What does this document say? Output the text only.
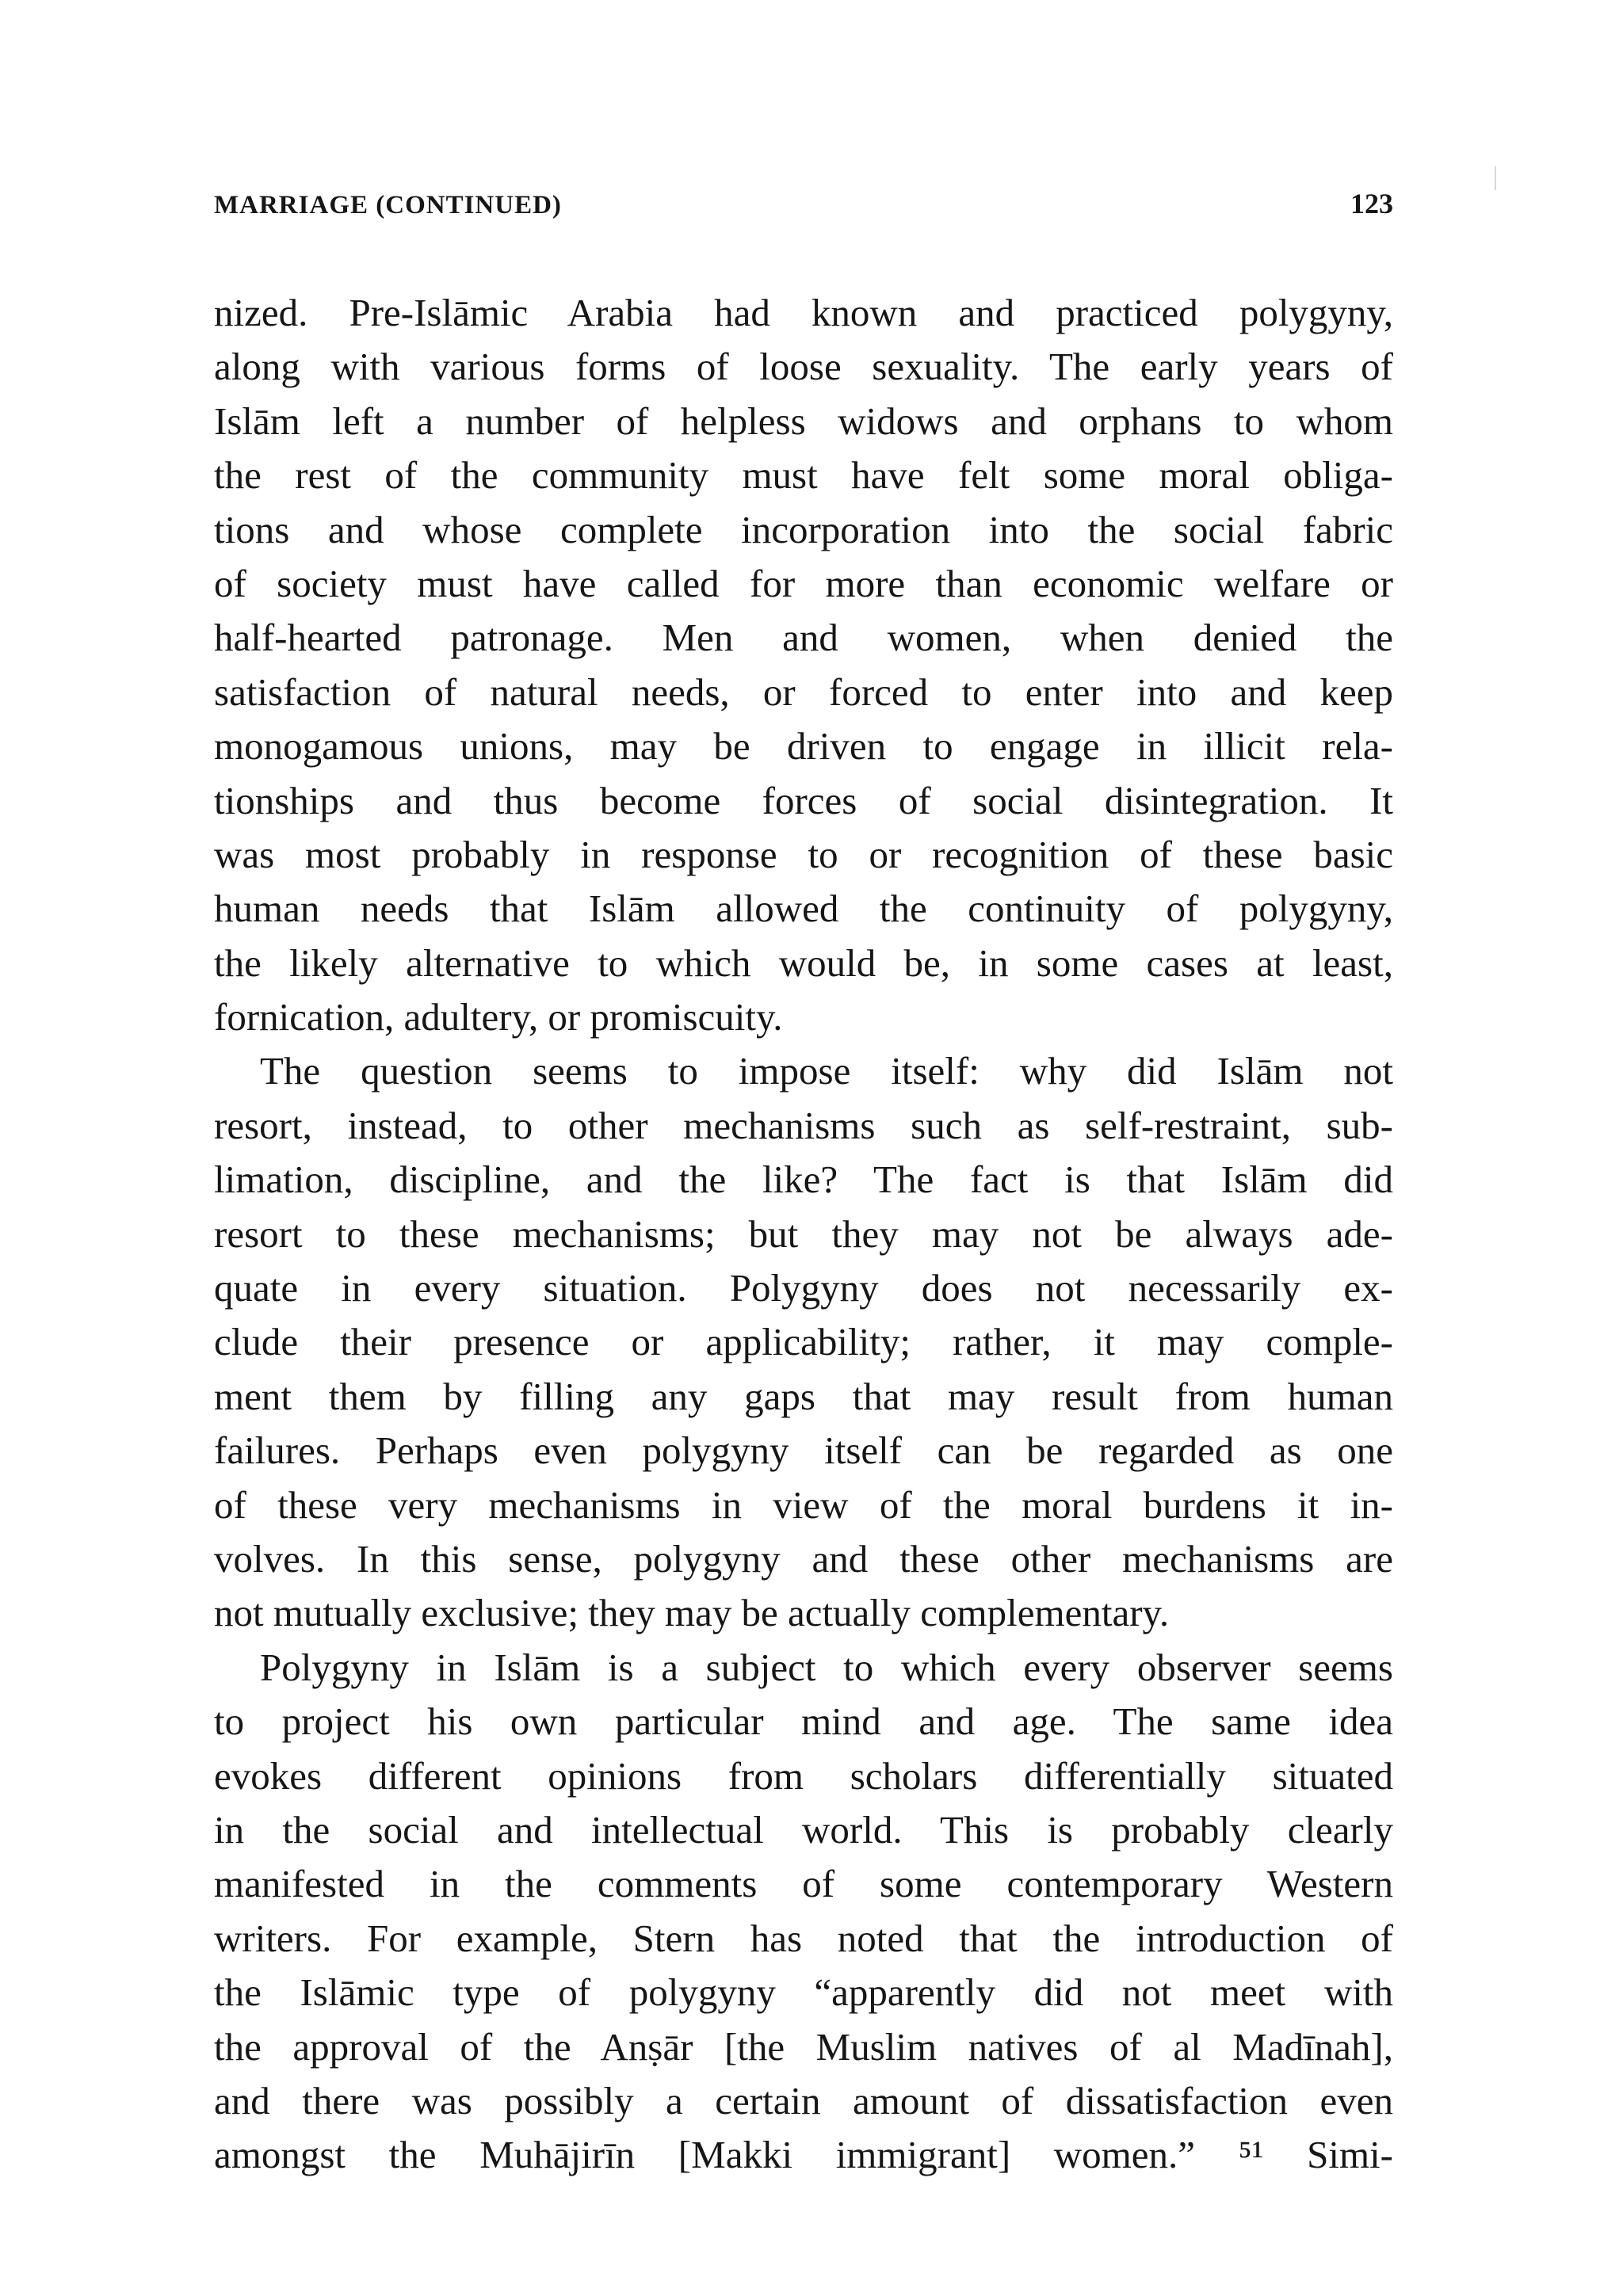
MARRIAGE (CONTINUED)	123
nized. Pre-Islāmic Arabia had known and practiced polygyny,
along with various forms of loose sexuality. The early years of
Islām left a number of helpless widows and orphans to whom
the rest of the community must have felt some moral obliga-
tions and whose complete incorporation into the social fabric
of society must have called for more than economic welfare or
half-hearted patronage. Men and women, when denied the
satisfaction of natural needs, or forced to enter into and keep
monogamous unions, may be driven to engage in illicit rela-
tionships and thus become forces of social disintegration. It
was most probably in response to or recognition of these basic
human needs that Islām allowed the continuity of polygyny,
the likely alternative to which would be, in some cases at least,
fornication, adultery, or promiscuity.
The question seems to impose itself: why did Islām not
resort, instead, to other mechanisms such as self-restraint, sub-
limation, discipline, and the like? The fact is that Islām did
resort to these mechanisms; but they may not be always ade-
quate in every situation. Polygyny does not necessarily ex-
clude their presence or applicability; rather, it may comple-
ment them by filling any gaps that may result from human
failures. Perhaps even polygyny itself can be regarded as one
of these very mechanisms in view of the moral burdens it in-
volves. In this sense, polygyny and these other mechanisms are
not mutually exclusive; they may be actually complementary.
Polygyny in Islām is a subject to which every observer seems
to project his own particular mind and age. The same idea
evokes different opinions from scholars differentially situated
in the social and intellectual world. This is probably clearly
manifested in the comments of some contemporary Western
writers. For example, Stern has noted that the introduction of
the Islāmic type of polygyny “apparently did not meet with
the approval of the Anṣār [the Muslim natives of al Madīnah],
and there was possibly a certain amount of dissatisfaction even
amongst the Muhājirīn [Makki immigrant] women.” ⁵¹ Simi-
